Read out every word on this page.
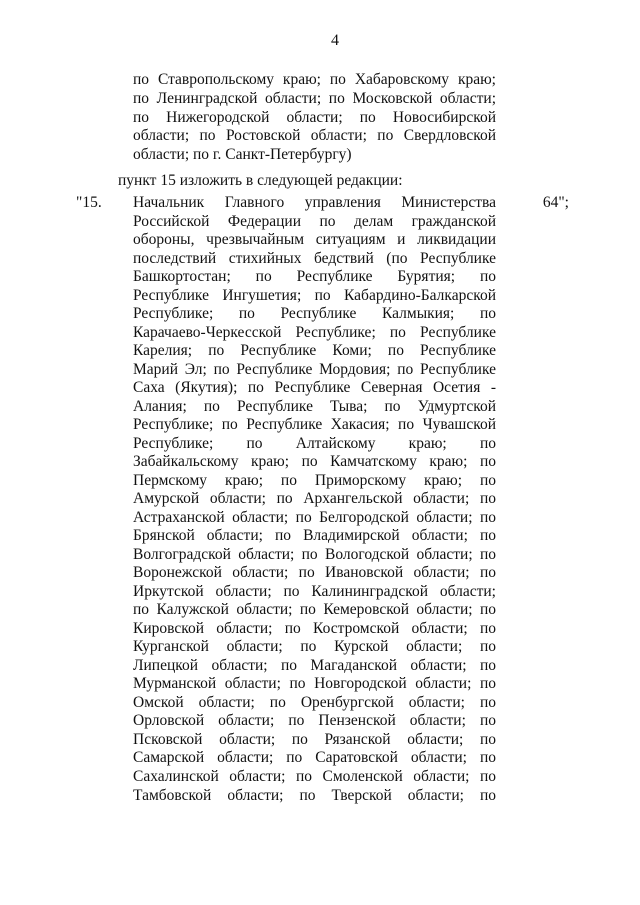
4
по Ставропольскому краю; по Хабаровскому краю;
по Ленинградской области; по Московской области;
по Нижегородской области; по Новосибирской
области; по Ростовской области; по Свердловской
области; по г. Санкт-Петербургу)
пункт 15 изложить в следующей редакции:
"15. Начальник Главного управления Министерства
Российской Федерации по делам гражданской
обороны, чрезвычайным ситуациям и ликвидации
последствий стихийных бедствий (по Республике
Башкортостан; по Республике Бурятия; по
Республике Ингушетия; по Кабардино-Балкарской
Республике; по Республике Калмыкия; по
Карачаево-Черкесской Республике; по Республике
Карелия; по Республике Коми; по Республике
Марий Эл; по Республике Мордовия; по Республике
Саха (Якутия); по Республике Северная Осетия -
Алания; по Республике Тыва; по Удмуртской
Республике; по Республике Хакасия; по Чувашской
Республике; по Алтайскому краю; по
Забайкальскому краю; по Камчатскому краю; по
Пермскому краю; по Приморскому краю; по
Амурской области; по Архангельской области; по
Астраханской области; по Белгородской области; по
Брянской области; по Владимирской области; по
Волгоградской области; по Вологодской области; по
Воронежской области; по Ивановской области; по
Иркутской области; по Калининградской области;
по Калужской области; по Кемеровской области; по
Кировской области; по Костромской области; по
Курганской области; по Курской области; по
Липецкой области; по Магаданской области; по
Мурманской области; по Новгородской области; по
Омской области; по Оренбургской области; по
Орловской области; по Пензенской области; по
Псковской области; по Рязанской области; по
Самарской области; по Саратовской области; по
Сахалинской области; по Смоленской области; по
Тамбовской области; по Тверской области; по
64";
